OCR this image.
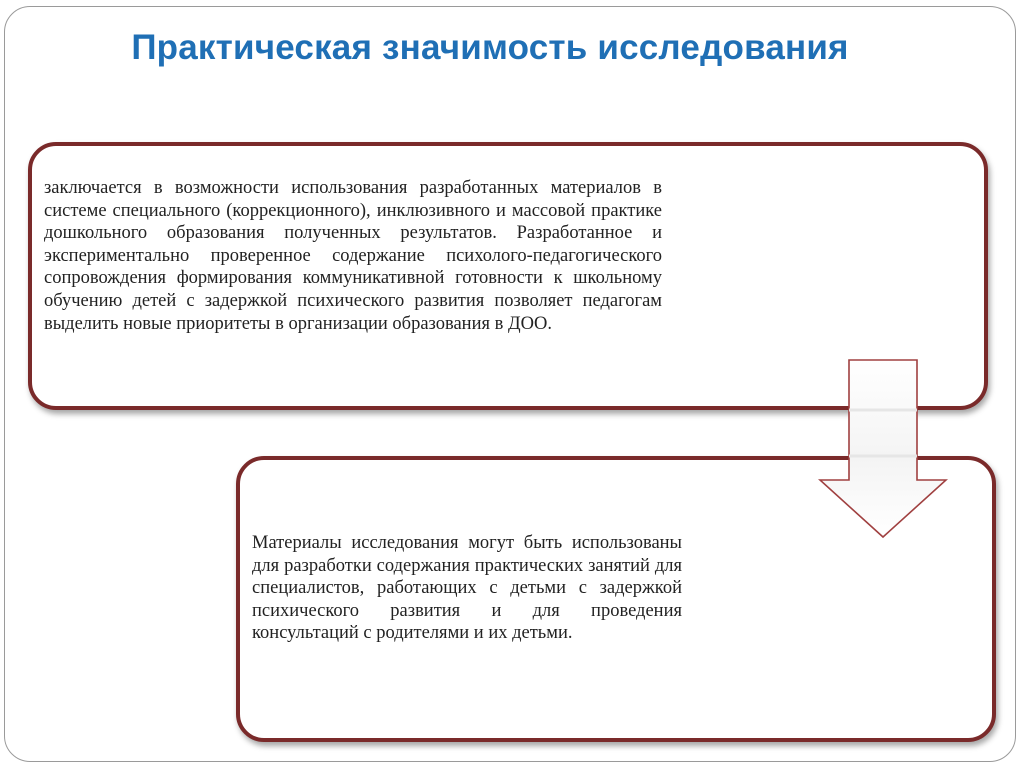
Практическая значимость исследования

заключается в возможности использования разработанных материалов в системе специального (коррекционного), инклюзивного и массовой практике дошкольного образования полученных результатов. Разработанное и экспериментально проверенное содержание психолого-педагогического сопровождения формирования коммуникативной готовности к школьному обучению детей с задержкой психического развития позволяет педагогам выделить новые приоритеты в организации образования в ДОО.

Материалы исследования могут быть использованы для разработки содержания практических занятий для специалистов, работающих с детьми с задержкой психического развития и для проведения консультаций с родителями и их детьми.
